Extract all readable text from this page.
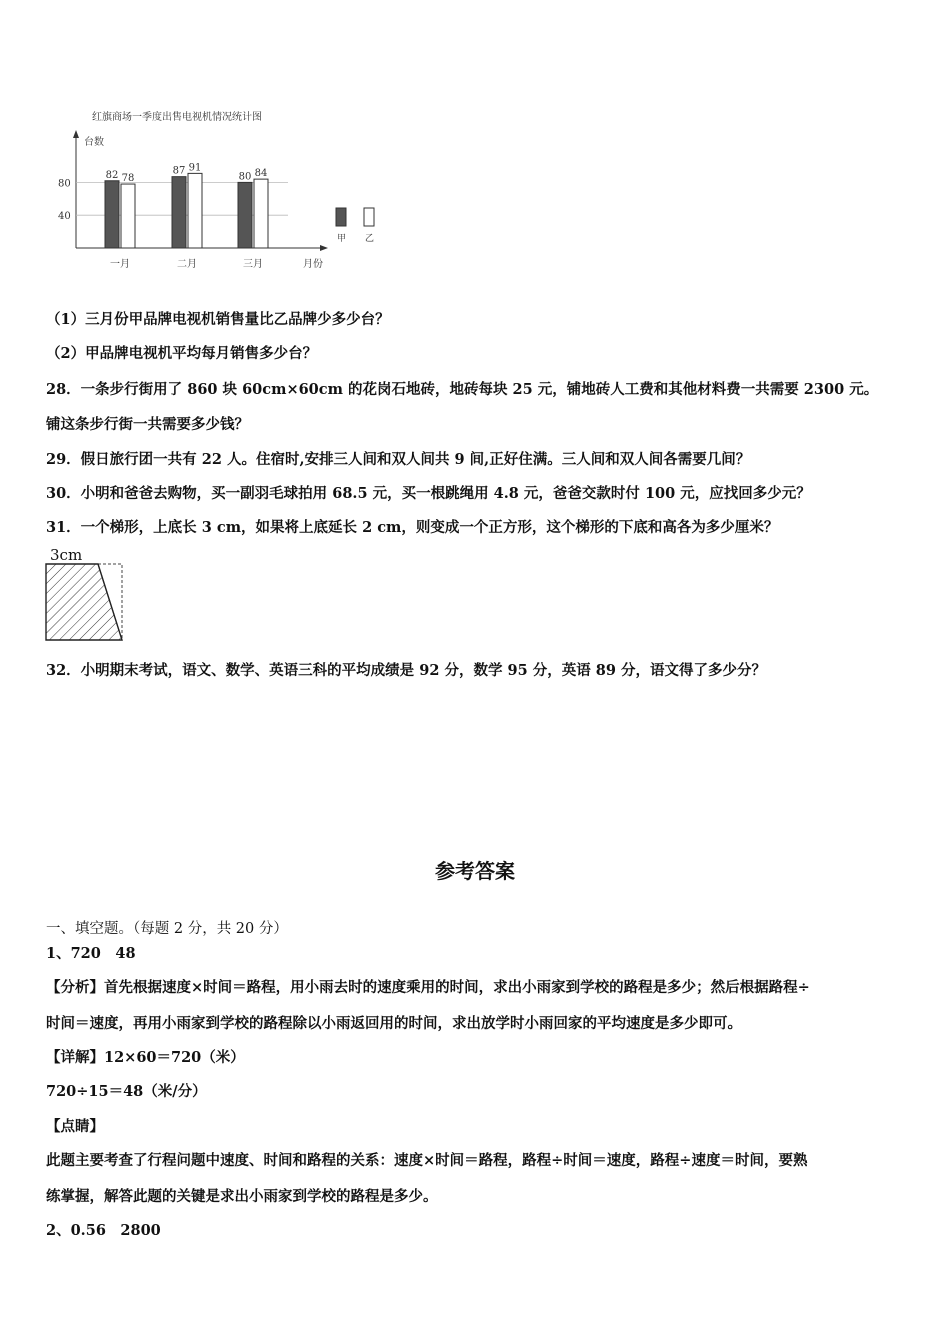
红旗商场一季度出售电视机情况统计图
台数
月份
40
80
82 78
一月
87 91
二月
80 84
三月
甲 乙
（1）三月份甲品牌电视机销售量比乙品牌少多少台？
（2）甲品牌电视机平均每月销售多少台？
28．一条步行街用了 860 块 60cm×60cm 的花岗石地砖，地砖每块 25 元，铺地砖人工费和其他材料费一共需要 2300 元。
铺这条步行街一共需要多少钱？
29．假日旅行团一共有 22 人。住宿时,安排三人间和双人间共 9 间,正好住满。三人间和双人间各需要几间？
30．小明和爸爸去购物，买一副羽毛球拍用 68.5 元，买一根跳绳用 4.8 元，爸爸交款时付 100 元，应找回多少元？
31．一个梯形，上底长 3 cm，如果将上底延长 2 cm，则变成一个正方形，这个梯形的下底和高各为多少厘米？
3cm
32．小明期末考试，语文、数学、英语三科的平均成绩是 92 分，数学 95 分，英语 89 分，语文得了多少分？
参考答案
一、填空题。（每题 2 分，共 20 分）
1、720　48
【分析】首先根据速度×时间＝路程，用小雨去时的速度乘用的时间，求出小雨家到学校的路程是多少；然后根据路程÷
时间＝速度，再用小雨家到学校的路程除以小雨返回用的时间，求出放学时小雨回家的平均速度是多少即可。
【详解】12×60＝720（米）
720÷15＝48（米/分）
【点睛】
此题主要考查了行程问题中速度、时间和路程的关系：速度×时间＝路程，路程÷时间＝速度，路程÷速度＝时间，要熟
练掌握，解答此题的关键是求出小雨家到学校的路程是多少。
2、0.56　2800
